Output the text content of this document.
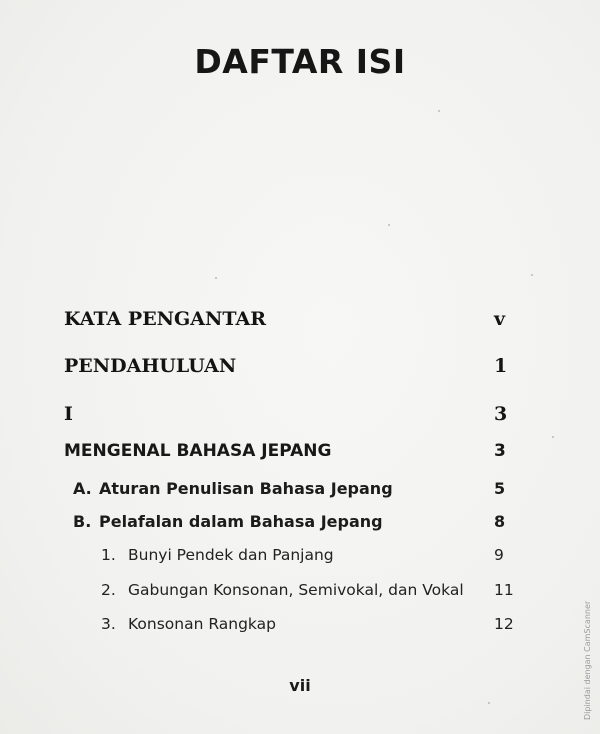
DAFTAR ISI
KATA PENGANTAR	v
PENDAHULUAN	1
I	3
MENGENAL BAHASA JEPANG	3
A. Aturan Penulisan Bahasa Jepang	5
B. Pelafalan dalam Bahasa Jepang	8
1. Bunyi Pendek dan Panjang	9
2. Gabungan Konsonan, Semivokal, dan Vokal 11
3. Konsonan Rangkap	12
vii	Dipindai dengan CamScanner
